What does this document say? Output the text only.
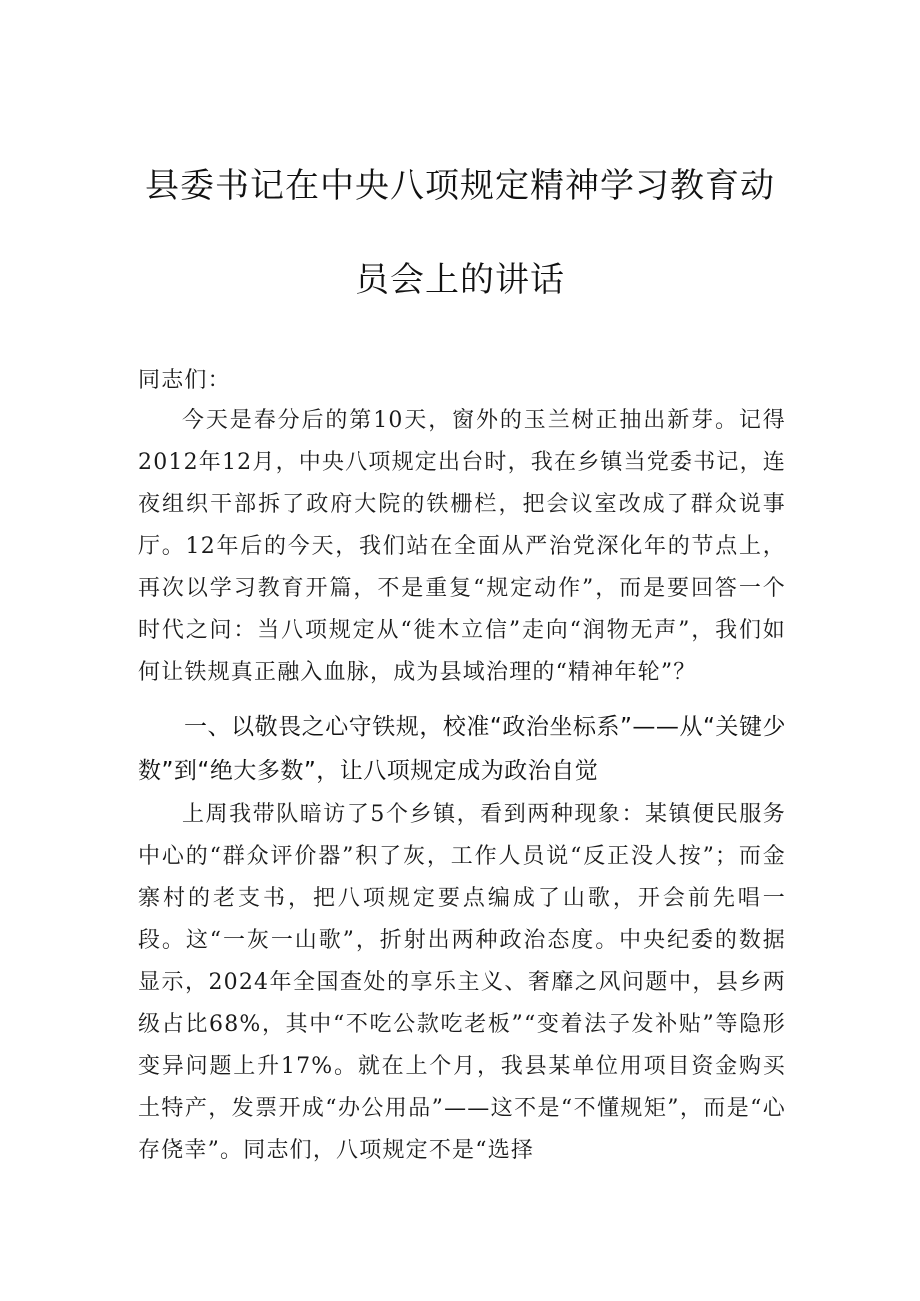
县委书记在中央八项规定精神学习教育动
员会上的讲话

同志们：

今天是春分后的第10天，窗外的玉兰树正抽出新芽。记得2012年12月，中央八项规定出台时，我在乡镇当党委书记，连夜组织干部拆了政府大院的铁栅栏，把会议室改成了群众说事厅。12年后的今天，我们站在全面从严治党深化年的节点上，再次以学习教育开篇，不是重复“规定动作”，而是要回答一个时代之问：当八项规定从“徙木立信”走向“润物无声”，我们如何让铁规真正融入血脉，成为县域治理的“精神年轮”？

一、以敬畏之心守铁规，校准“政治坐标系”——从“关键少数”到“绝大多数”，让八项规定成为政治自觉

上周我带队暗访了5个乡镇，看到两种现象：某镇便民服务中心的“群众评价器”积了灰，工作人员说“反正没人按”；而金寨村的老支书，把八项规定要点编成了山歌，开会前先唱一段。这“一灰一山歌”，折射出两种政治态度。中央纪委的数据显示，2024年全国查处的享乐主义、奢靡之风问题中，县乡两级占比68%，其中“不吃公款吃老板”“变着法子发补贴”等隐形变异问题上升17%。就在上个月，我县某单位用项目资金购买土特产，发票开成“办公用品”——这不是“不懂规矩”，而是“心存侥幸”。同志们，八项规定不是“选择
